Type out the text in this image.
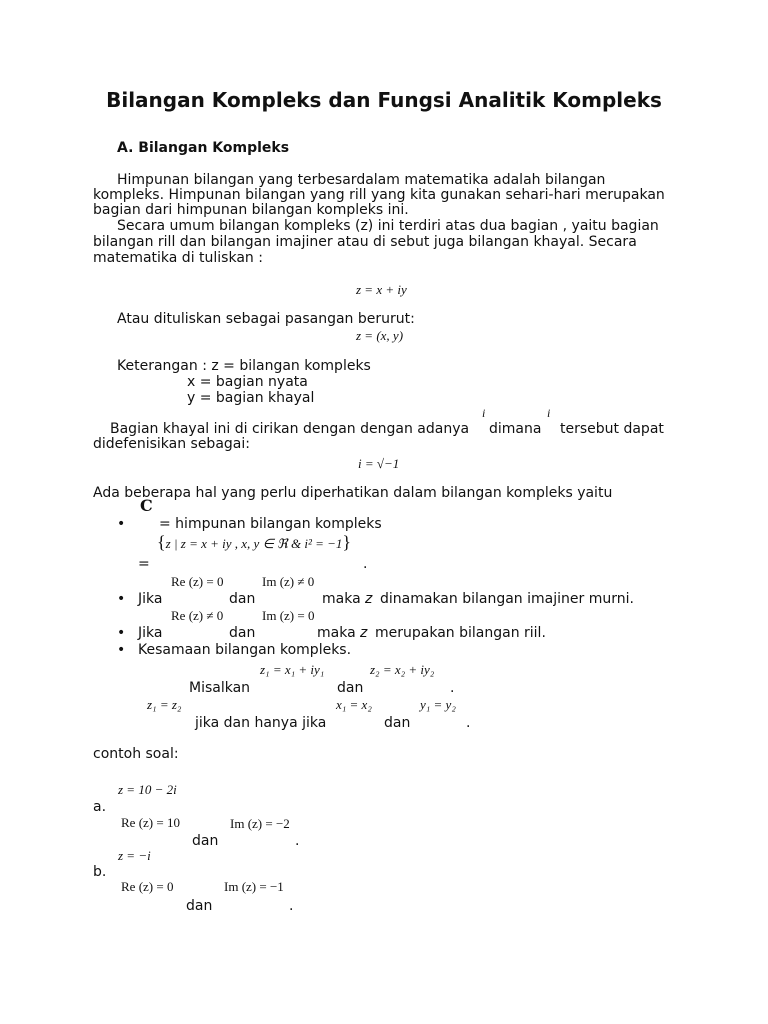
Bilangan Kompleks dan Fungsi Analitik Kompleks
A. Bilangan Kompleks
Himpunan bilangan yang terbesardalam matematika adalah bilangan
kompleks. Himpunan bilangan yang rill yang kita gunakan sehari-hari merupakan
bagian dari himpunan bilangan kompleks ini.
Secara umum bilangan kompleks (z) ini terdiri atas dua bagian , yaitu bagian
bilangan rill dan bilangan imajiner atau di sebut juga bilangan khayal. Secara
matematika di tuliskan :
z = x + iy
Atau dituliskan sebagai pasangan berurut:
z = (x, y)
Keterangan : z = bilangan kompleks
x = bagian nyata
y = bagian khayal
i	i
Bagian khayal ini di cirikan dengan dengan adanya dimana tersebut dapat
didefenisikan sebagai:
i = √−1
Ada beberapa hal yang perlu diperhatikan dalam bilangan kompleks yaitu
C
• = himpunan bilangan kompleks
{z | z = x + iy , x, y ∈ ℜ & i² = −1}
=	.
Re (z) = 0	Im (z) ≠ 0
• Jika	dan	maka z dinamakan bilangan imajiner murni.
Re (z) ≠ 0	Im (z) = 0
• Jika	dan	maka z merupakan bilangan riil.
• Kesamaan bilangan kompleks.
z₁ = x₁ + iy₁	z₂ = x₂ + iy₂
Misalkan	dan	.
z₁ = z₂	x₁ = x₂	y₁ = y₂
jika dan hanya jika	dan	.
contoh soal:
z = 10 − 2i
a.
Re (z) = 10	Im (z) = −2
dan	.
z = −i
b.
Re (z) = 0	Im (z) = −1
dan	.
